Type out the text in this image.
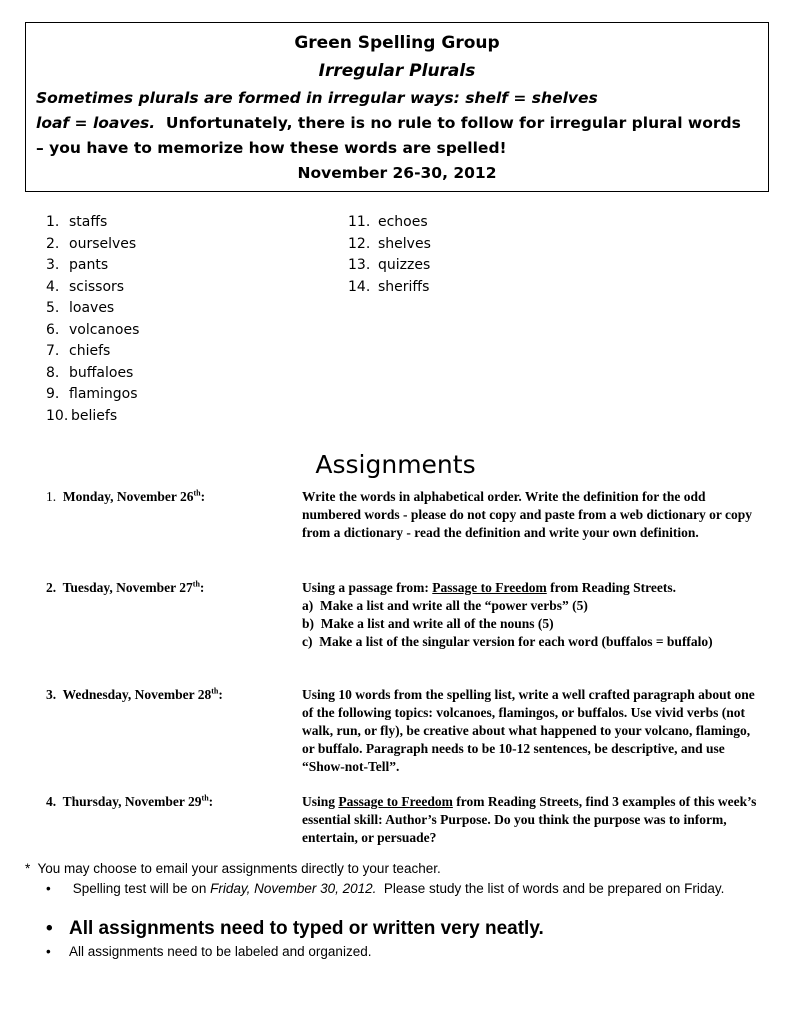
Green Spelling Group
Irregular Plurals
Sometimes plurals are formed in irregular ways: shelf = shelves
loaf = loaves.  Unfortunately, there is no rule to follow for irregular plural words
– you have to memorize how these words are spelled!
November 26-30, 2012
1. staffs
2. ourselves
3. pants
4. scissors
5. loaves
6. volcanoes
7. chiefs
8. buffaloes
9. flamingos
10. beliefs
11. echoes
12. shelves
13. quizzes
14. sheriffs
Assignments
1. Monday, November 26th:	Write the words in alphabetical order. Write the definition for the odd numbered words - please do not copy and paste from a web dictionary or copy from a dictionary - read the definition and write your own definition.
2.  Tuesday, November 27th:	Using a passage from: Passage to Freedom from Reading Streets.
a)  Make a list and write all the “power verbs” (5)
b)  Make a list and write all of the nouns (5)
c)  Make a list of the singular version for each word (buffalos = buffalo)
3.  Wednesday, November 28th:	Using 10 words from the spelling list, write a well crafted paragraph about one of the following topics: volcanoes, flamingos, or buffalos. Use vivid verbs (not walk, run, or fly), be creative about what happened to your volcano, flamingo, or buffalo. Paragraph needs to be 10-12 sentences, be descriptive, and use “Show-not-Tell”.
4.  Thursday, November 29th:	Using Passage to Freedom from Reading Streets, find 3 examples of this week’s essential skill: Author’s Purpose. Do you think the purpose was to inform, entertain, or persuade?
*  You may choose to email your assignments directly to your teacher.
•	Spelling test will be on Friday, November 30, 2012.  Please study the list of words and be prepared on Friday.
• All assignments need to typed or written very neatly.
• All assignments need to be labeled and organized.
